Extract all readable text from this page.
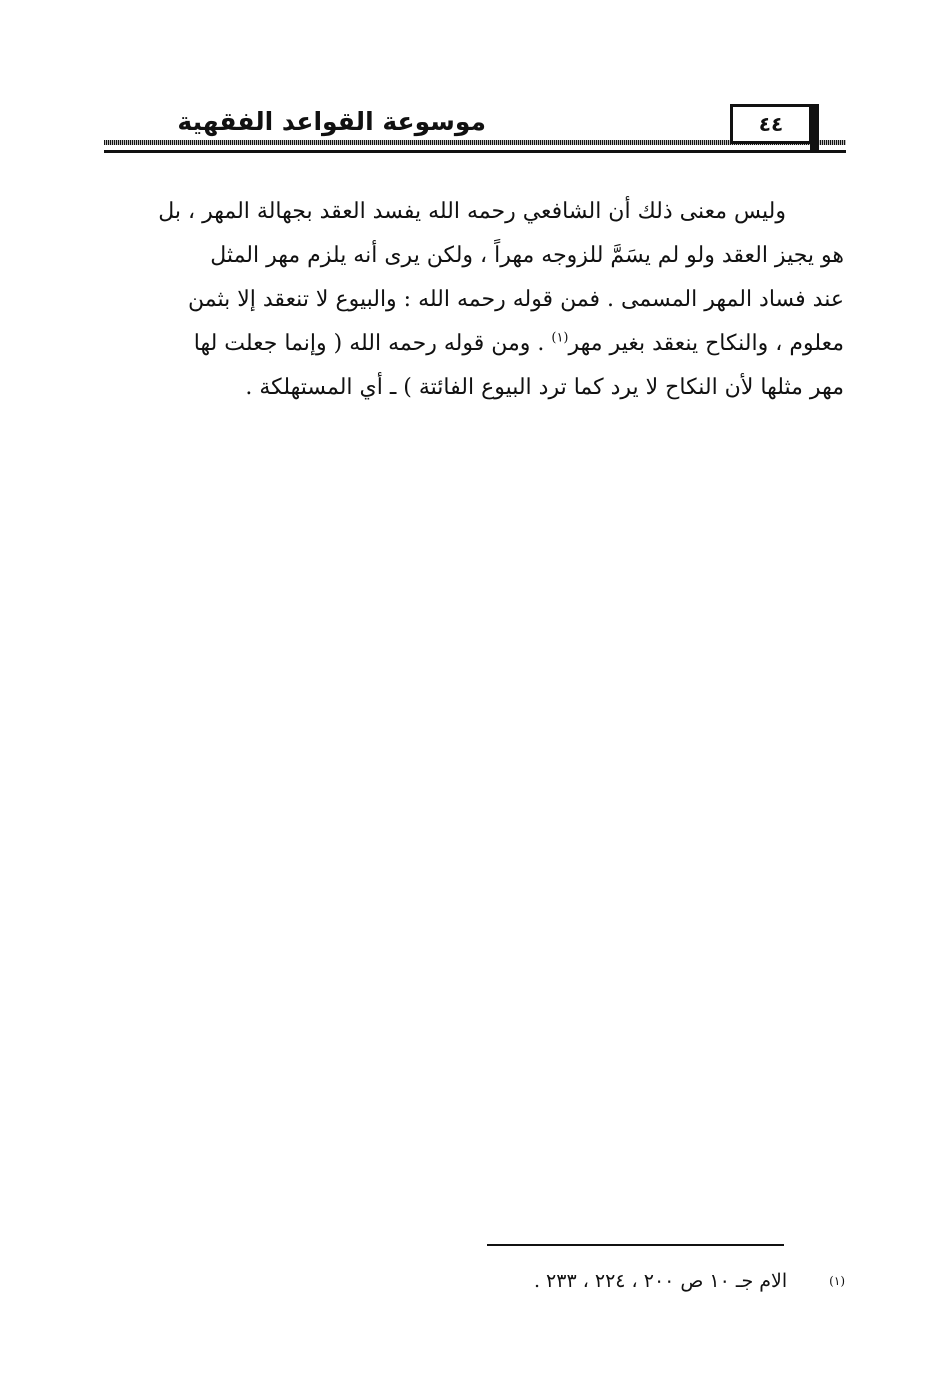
موسوعة القواعد الفقهية	٤٤
وليس معنى ذلك أن الشافعي رحمه الله يفسد العقد بجهالة المهر ، بل
هو يجيز العقد ولو لم يسَمَّ للزوجه مهراً ، ولكن يرى أنه يلزم مهر المثل
عند فساد المهر المسمى . فمن قوله رحمه الله : والبيوع لا تنعقد إلا بثمن
معلوم ، والنكاح ينعقد بغير مهر$^{(١)}$ . ومن قوله رحمه الله ( وإنما جعلت لها
مهر مثلها لأن النكاح لا يرد كما ترد البيوع الفائتة ) ـ أي المستهلكة .
$^{(١)}$ الام جـ ١٠ ص ٢٠٠ ، ٢٢٤ ، ٢٣٣ .
